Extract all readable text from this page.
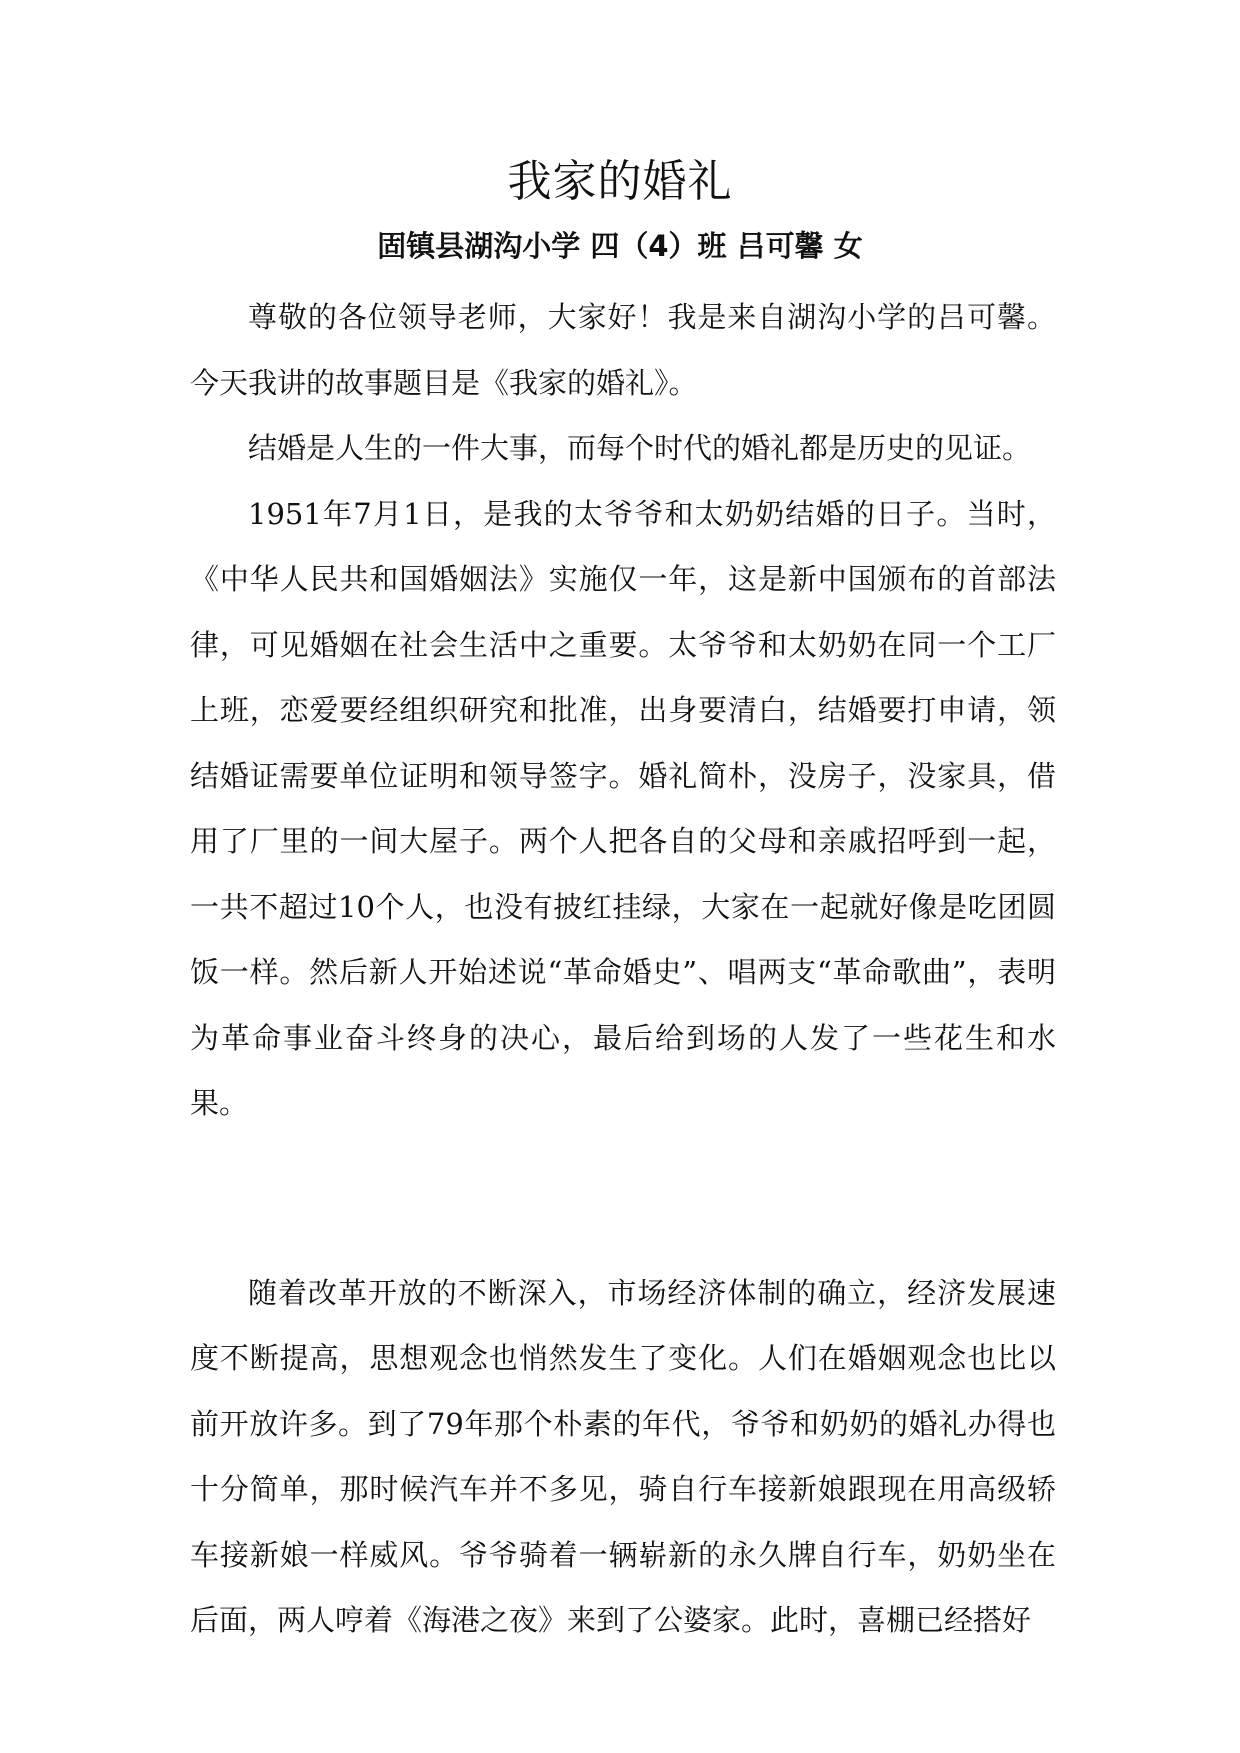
我家的婚礼
固镇县湖沟小学 四（4）班 吕可馨 女

尊敬的各位领导老师，大家好！我是来自湖沟小学的吕可馨。今天我讲的故事题目是《我家的婚礼》。

结婚是人生的一件大事，而每个时代的婚礼都是历史的见证。

1951年7月1日，是我的太爷爷和太奶奶结婚的日子。当时，《中华人民共和国婚姻法》实施仅一年，这是新中国颁布的首部法律，可见婚姻在社会生活中之重要。太爷爷和太奶奶在同一个工厂上班，恋爱要经组织研究和批准，出身要清白，结婚要打申请，领结婚证需要单位证明和领导签字。婚礼简朴，没房子，没家具，借用了厂里的一间大屋子。两个人把各自的父母和亲戚招呼到一起，一共不超过10个人，也没有披红挂绿，大家在一起就好像是吃团圆饭一样。然后新人开始述说“革命婚史”、唱两支“革命歌曲”，表明为革命事业奋斗终身的决心，最后给到场的人发了一些花生和水果。

随着改革开放的不断深入，市场经济体制的确立，经济发展速度不断提高，思想观念也悄然发生了变化。人们在婚姻观念也比以前开放许多。到了79年那个朴素的年代，爷爷和奶奶的婚礼办得也十分简单，那时候汽车并不多见，骑自行车接新娘跟现在用高级轿车接新娘一样威风。爷爷骑着一辆崭新的永久牌自行车，奶奶坐在后面，两人哼着《海港之夜》来到了公婆家。此时，喜棚已经搭好
